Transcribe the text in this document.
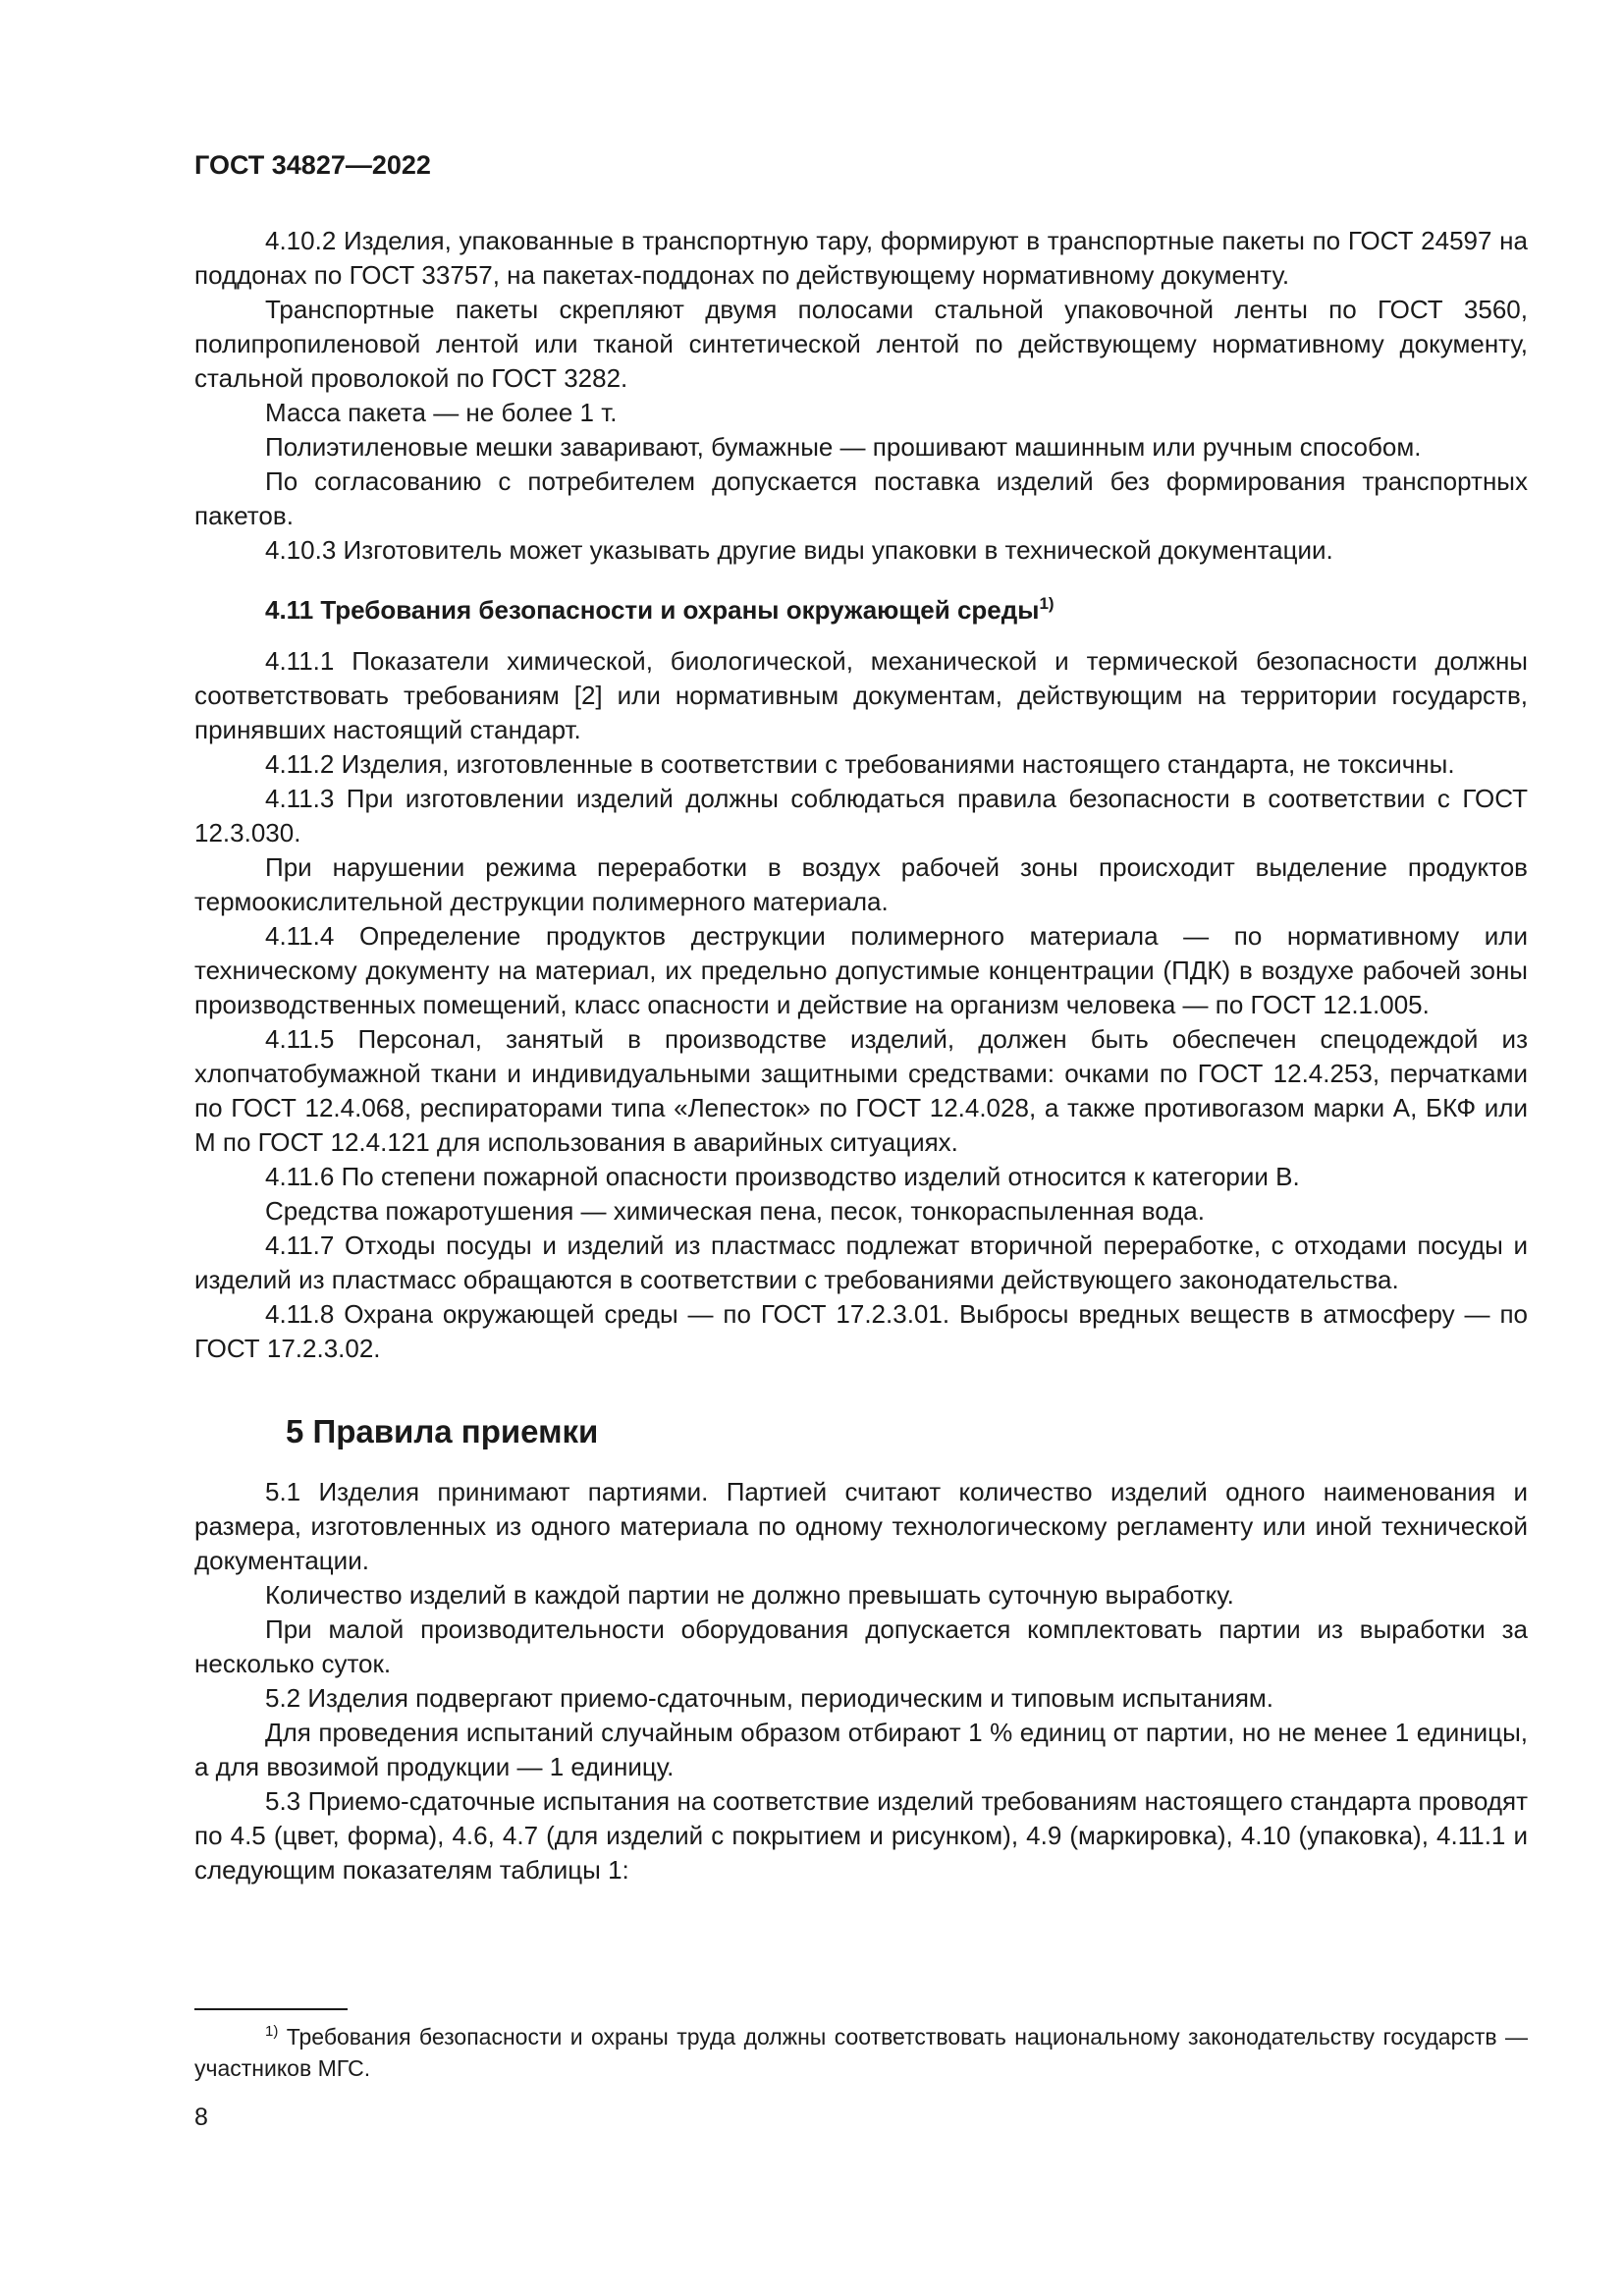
ГОСТ 34827—2022

4.10.2 Изделия, упакованные в транспортную тару, формируют в транспортные пакеты по ГОСТ 24597 на поддонах по ГОСТ 33757, на пакетах-поддонах по действующему нормативному документу.

Транспортные пакеты скрепляют двумя полосами стальной упаковочной ленты по ГОСТ 3560, полипропиленовой лентой или тканой синтетической лентой по действующему нормативному документу, стальной проволокой по ГОСТ 3282.

Масса пакета — не более 1 т.

Полиэтиленовые мешки заваривают, бумажные — прошивают машинным или ручным способом.

По согласованию с потребителем допускается поставка изделий без формирования транспортных пакетов.

4.10.3 Изготовитель может указывать другие виды упаковки в технической документации.

4.11 Требования безопасности и охраны окружающей среды$^{1)}$

4.11.1 Показатели химической, биологической, механической и термической безопасности должны соответствовать требованиям [2] или нормативным документам, действующим на территории государств, принявших настоящий стандарт.

4.11.2 Изделия, изготовленные в соответствии с требованиями настоящего стандарта, не токсичны.

4.11.3 При изготовлении изделий должны соблюдаться правила безопасности в соответствии с ГОСТ 12.3.030.

При нарушении режима переработки в воздух рабочей зоны происходит выделение продуктов термоокислительной деструкции полимерного материала.

4.11.4 Определение продуктов деструкции полимерного материала — по нормативному или техническому документу на материал, их предельно допустимые концентрации (ПДК) в воздухе рабочей зоны производственных помещений, класс опасности и действие на организм человека — по ГОСТ 12.1.005.

4.11.5 Персонал, занятый в производстве изделий, должен быть обеспечен спецодеждой из хлопчатобумажной ткани и индивидуальными защитными средствами: очками по ГОСТ 12.4.253, перчатками по ГОСТ 12.4.068, респираторами типа «Лепесток» по ГОСТ 12.4.028, а также противогазом марки А, БКФ или М по ГОСТ 12.4.121 для использования в аварийных ситуациях.

4.11.6 По степени пожарной опасности производство изделий относится к категории В.

Средства пожаротушения — химическая пена, песок, тонкораспыленная вода.

4.11.7 Отходы посуды и изделий из пластмасс подлежат вторичной переработке, с отходами посуды и изделий из пластмасс обращаются в соответствии с требованиями действующего законодательства.

4.11.8 Охрана окружающей среды — по ГОСТ 17.2.3.01. Выбросы вредных веществ в атмосферу — по ГОСТ 17.2.3.02.

5 Правила приемки

5.1 Изделия принимают партиями. Партией считают количество изделий одного наименования и размера, изготовленных из одного материала по одному технологическому регламенту или иной технической документации.

Количество изделий в каждой партии не должно превышать суточную выработку.

При малой производительности оборудования допускается комплектовать партии из выработки за несколько суток.

5.2 Изделия подвергают приемо-сдаточным, периодическим и типовым испытаниям.

Для проведения испытаний случайным образом отбирают 1 % единиц от партии, но не менее 1 единицы, а для ввозимой продукции — 1 единицу.

5.3 Приемо-сдаточные испытания на соответствие изделий требованиям настоящего стандарта проводят по 4.5 (цвет, форма), 4.6, 4.7 (для изделий с покрытием и рисунком), 4.9 (маркировка), 4.10 (упаковка), 4.11.1 и следующим показателям таблицы 1:

$^{1)}$ Требования безопасности и охраны труда должны соответствовать национальному законодательству государств — участников МГС.

8
